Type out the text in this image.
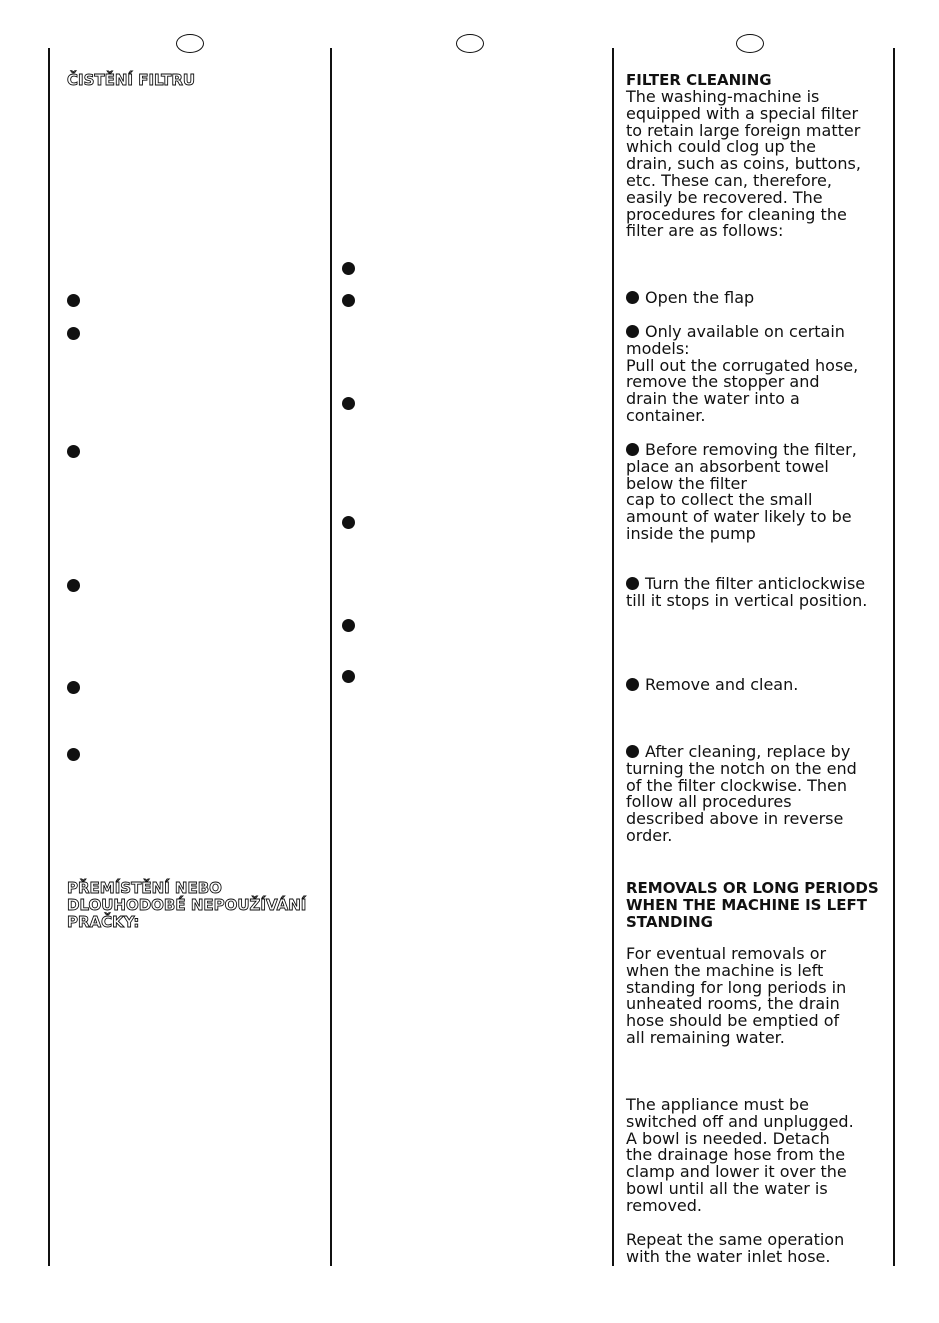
ČISTĚNÍ FILTRU
PŘEMÍSTĚNÍ NEBO
DLOUHODOBÉ NEPOUŽÍVÁNÍ
PRAČKY:
FILTER CLEANING
The washing-machine is
equipped with a special filter
to retain large foreign matter
which could clog up the
drain, such as coins, buttons,
etc. These can, therefore,
easily be recovered. The
procedures for cleaning the
filter are as follows:
Open the flap
Only available on certain
models:
Pull out the corrugated hose,
remove the stopper and
drain the water into a
container.
Before removing the filter,
place an absorbent towel
below the filter
cap to collect the small
amount of water likely to be
inside the pump
Turn the filter anticlockwise
till it stops in vertical position.
Remove and clean.
After cleaning, replace by
turning the notch on the end
of the filter clockwise. Then
follow all procedures
described above in reverse
order.
REMOVALS OR LONG PERIODS
WHEN THE MACHINE IS LEFT
STANDING
For eventual removals or
when the machine is left
standing for long periods in
unheated rooms, the drain
hose should be emptied of
all remaining water.
The appliance must be
switched off and unplugged.
A bowl is needed. Detach
the drainage hose from the
clamp and lower it over the
bowl until all the water is
removed.
Repeat the same operation
with the water inlet hose.
